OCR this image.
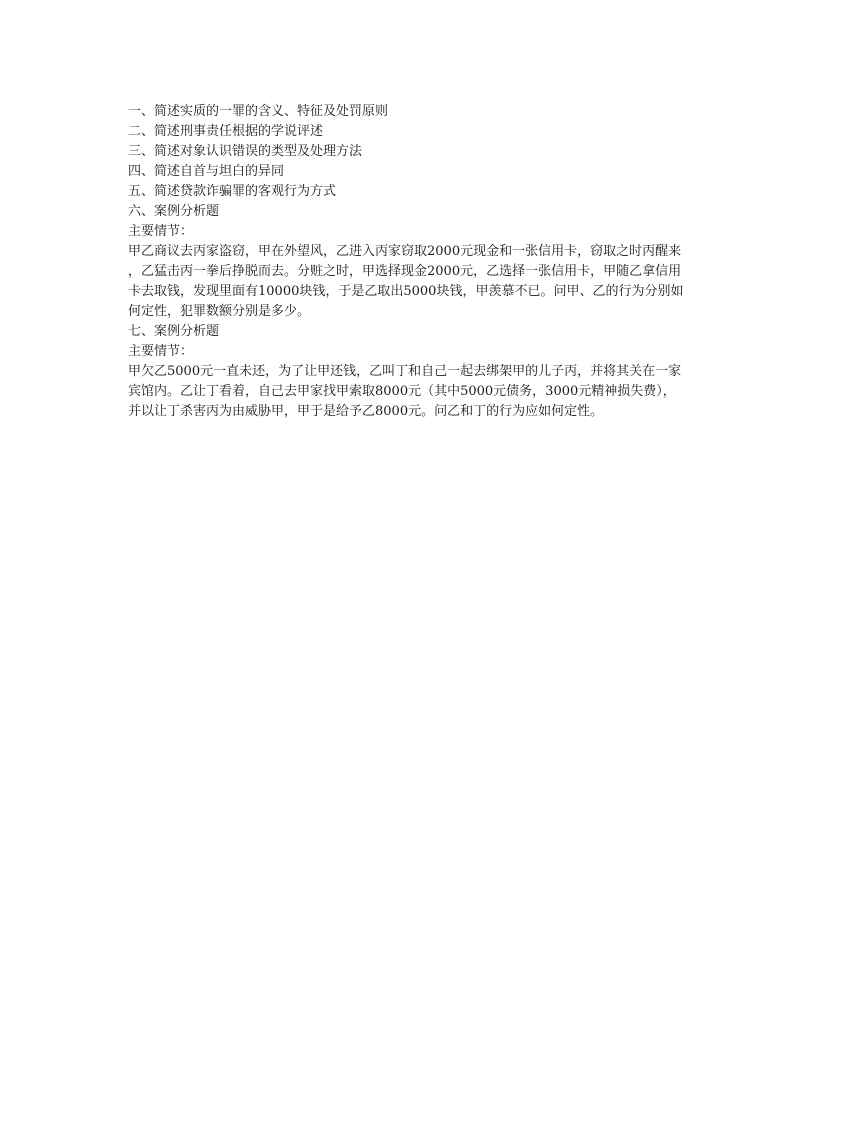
一、简述实质的一罪的含义、特征及处罚原则

二、简述刑事责任根据的学说评述

三、简述对象认识错误的类型及处理方法

四、简述自首与坦白的异同

五、简述贷款诈骗罪的客观行为方式

六、案例分析题

主要情节：

甲乙商议去丙家盗窃，甲在外望风，乙进入丙家窃取2000元现金和一张信用卡，窃取之时丙醒来
，乙猛击丙一拳后挣脱而去。分赃之时，甲选择现金2000元，乙选择一张信用卡，甲随乙拿信用
卡去取钱，发现里面有10000块钱，于是乙取出5000块钱，甲羡慕不已。问甲、乙的行为分别如
何定性，犯罪数额分别是多少。

七、案例分析题

主要情节：

甲欠乙5000元一直未还，为了让甲还钱，乙叫丁和自己一起去绑架甲的儿子丙，并将其关在一家
宾馆内。乙让丁看着，自己去甲家找甲索取8000元（其中5000元债务，3000元精神损失费），
并以让丁杀害丙为由威胁甲，甲于是给予乙8000元。问乙和丁的行为应如何定性。
